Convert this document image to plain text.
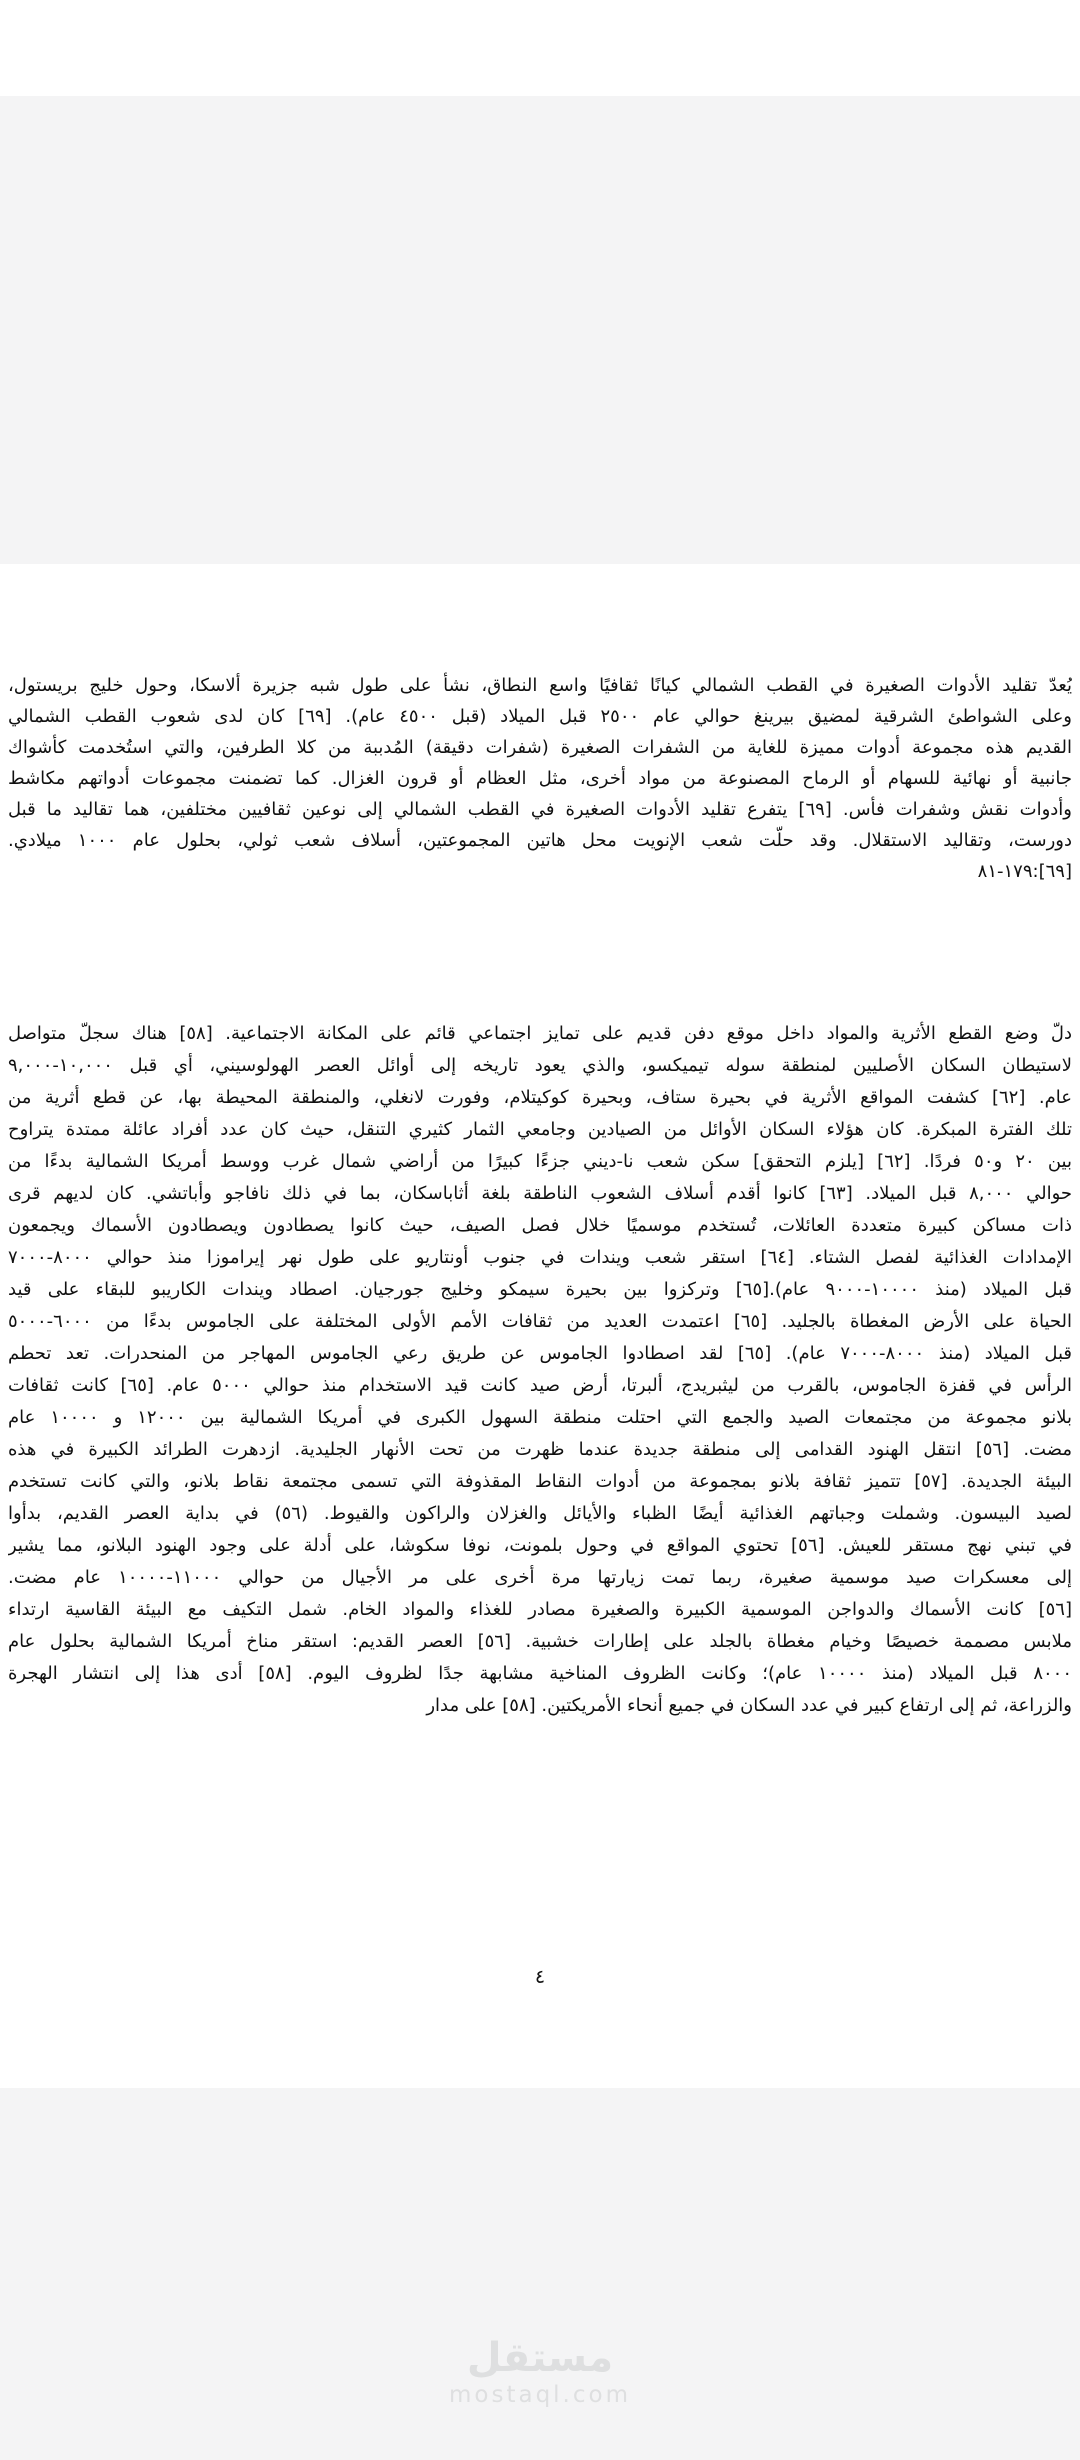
يُعدّ تقليد الأدوات الصغيرة في القطب الشمالي كيانًا ثقافيًا واسع النطاق، نشأ على طول شبه جزيرة ألاسكا، وحول خليج بريستول،
وعلى الشواطئ الشرقية لمضيق بيرينغ حوالي عام ٢٥٠٠ قبل الميلاد (قبل ٤٥٠٠ عام). [٦٩] كان لدى شعوب القطب الشمالي
القديم هذه مجموعة أدوات مميزة للغاية من الشفرات الصغيرة (شفرات دقيقة) المُدببة من كلا الطرفين، والتي استُخدمت كأشواك
جانبية أو نهائية للسهام أو الرماح المصنوعة من مواد أخرى، مثل العظام أو قرون الغزال. كما تضمنت مجموعات أدواتهم مكاشط
وأدوات نقش وشفرات فأس. [٦٩] يتفرع تقليد الأدوات الصغيرة في القطب الشمالي إلى نوعين ثقافيين مختلفين، هما تقاليد ما قبل
دورست، وتقاليد الاستقلال. وقد حلّت شعب الإنويت محل هاتين المجموعتين، أسلاف شعب ثولي، بحلول عام ١٠٠٠ ميلادي.
[٦٩]:١٧٩-٨١
دلّ وضع القطع الأثرية والمواد داخل موقع دفن قديم على تمايز اجتماعي قائم على المكانة الاجتماعية. [٥٨] هناك سجلّ متواصل
لاستيطان السكان الأصليين لمنطقة سوله تيميكسو، والذي يعود تاريخه إلى أوائل العصر الهولوسيني، أي قبل ١٠,٠٠٠-٩,٠٠٠
عام. [٦٢] كشفت المواقع الأثرية في بحيرة ستاف، وبحيرة كوكيتلام، وفورت لانغلي، والمنطقة المحيطة بها، عن قطع أثرية من
تلك الفترة المبكرة. كان هؤلاء السكان الأوائل من الصيادين وجامعي الثمار كثيري التنقل، حيث كان عدد أفراد عائلة ممتدة يتراوح
بين ٢٠ و٥٠ فردًا. [٦٢] [يلزم التحقق] سكن شعب نا-ديني جزءًا كبيرًا من أراضي شمال غرب ووسط أمريكا الشمالية بدءًا من
حوالي ٨,٠٠٠ قبل الميلاد. [٦٣] كانوا أقدم أسلاف الشعوب الناطقة بلغة أثاباسكان، بما في ذلك نافاجو وأباتشي. كان لديهم قرى
ذات مساكن كبيرة متعددة العائلات، تُستخدم موسميًا خلال فصل الصيف، حيث كانوا يصطادون ويصطادون الأسماك ويجمعون
الإمدادات الغذائية لفصل الشتاء. [٦٤] استقر شعب ويندات في جنوب أونتاريو على طول نهر إيراموزا منذ حوالي ٨٠٠٠-٧٠٠٠
قبل الميلاد (منذ ١٠٠٠٠-٩٠٠٠ عام).[٦٥] وتركزوا بين بحيرة سيمكو وخليج جورجيان. اصطاد ويندات الكاريبو للبقاء على قيد
الحياة على الأرض المغطاة بالجليد. [٦٥] اعتمدت العديد من ثقافات الأمم الأولى المختلفة على الجاموس بدءًا من ٦٠٠٠-٥٠٠٠
قبل الميلاد (منذ ٨٠٠٠-٧٠٠٠ عام). [٦٥] لقد اصطادوا الجاموس عن طريق رعي الجاموس المهاجر من المنحدرات. تعد تحطم
الرأس في قفزة الجاموس، بالقرب من ليثبريدج، ألبرتا، أرض صيد كانت قيد الاستخدام منذ حوالي ٥٠٠٠ عام. [٦٥] كانت ثقافات
بلانو مجموعة من مجتمعات الصيد والجمع التي احتلت منطقة السهول الكبرى في أمريكا الشمالية بين ١٢٠٠٠ و ١٠٠٠٠ عام
مضت. [٥٦] انتقل الهنود القدامى إلى منطقة جديدة عندما ظهرت من تحت الأنهار الجليدية. ازدهرت الطرائد الكبيرة في هذه
البيئة الجديدة. [٥٧] تتميز ثقافة بلانو بمجموعة من أدوات النقاط المقذوفة التي تسمى مجتمعة نقاط بلانو، والتي كانت تستخدم
لصيد البيسون. وشملت وجباتهم الغذائية أيضًا الظباء والأيائل والغزلان والراكون والقيوط. (٥٦) في بداية العصر القديم، بدأوا
في تبني نهج مستقر للعيش. [٥٦] تحتوي المواقع في وحول بلمونت، نوفا سكوشا، على أدلة على وجود الهنود البلانو، مما يشير
إلى معسكرات صيد موسمية صغيرة، ربما تمت زيارتها مرة أخرى على مر الأجيال من حوالي ١١٠٠٠-١٠٠٠٠ عام مضت.
[٥٦] كانت الأسماك والدواجن الموسمية الكبيرة والصغيرة مصادر للغذاء والمواد الخام. شمل التكيف مع البيئة القاسية ارتداء
ملابس مصممة خصيصًا وخيام مغطاة بالجلد على إطارات خشبية. [٥٦] العصر القديم: استقر مناخ أمريكا الشمالية بحلول عام
٨٠٠٠ قبل الميلاد (منذ ١٠٠٠٠ عام)؛ وكانت الظروف المناخية مشابهة جدًا لظروف اليوم. [٥٨] أدى هذا إلى انتشار الهجرة
والزراعة، ثم إلى ارتفاع كبير في عدد السكان في جميع أنحاء الأمريكتين. [٥٨] على مدار
٤
مستقل
mostaql.com
